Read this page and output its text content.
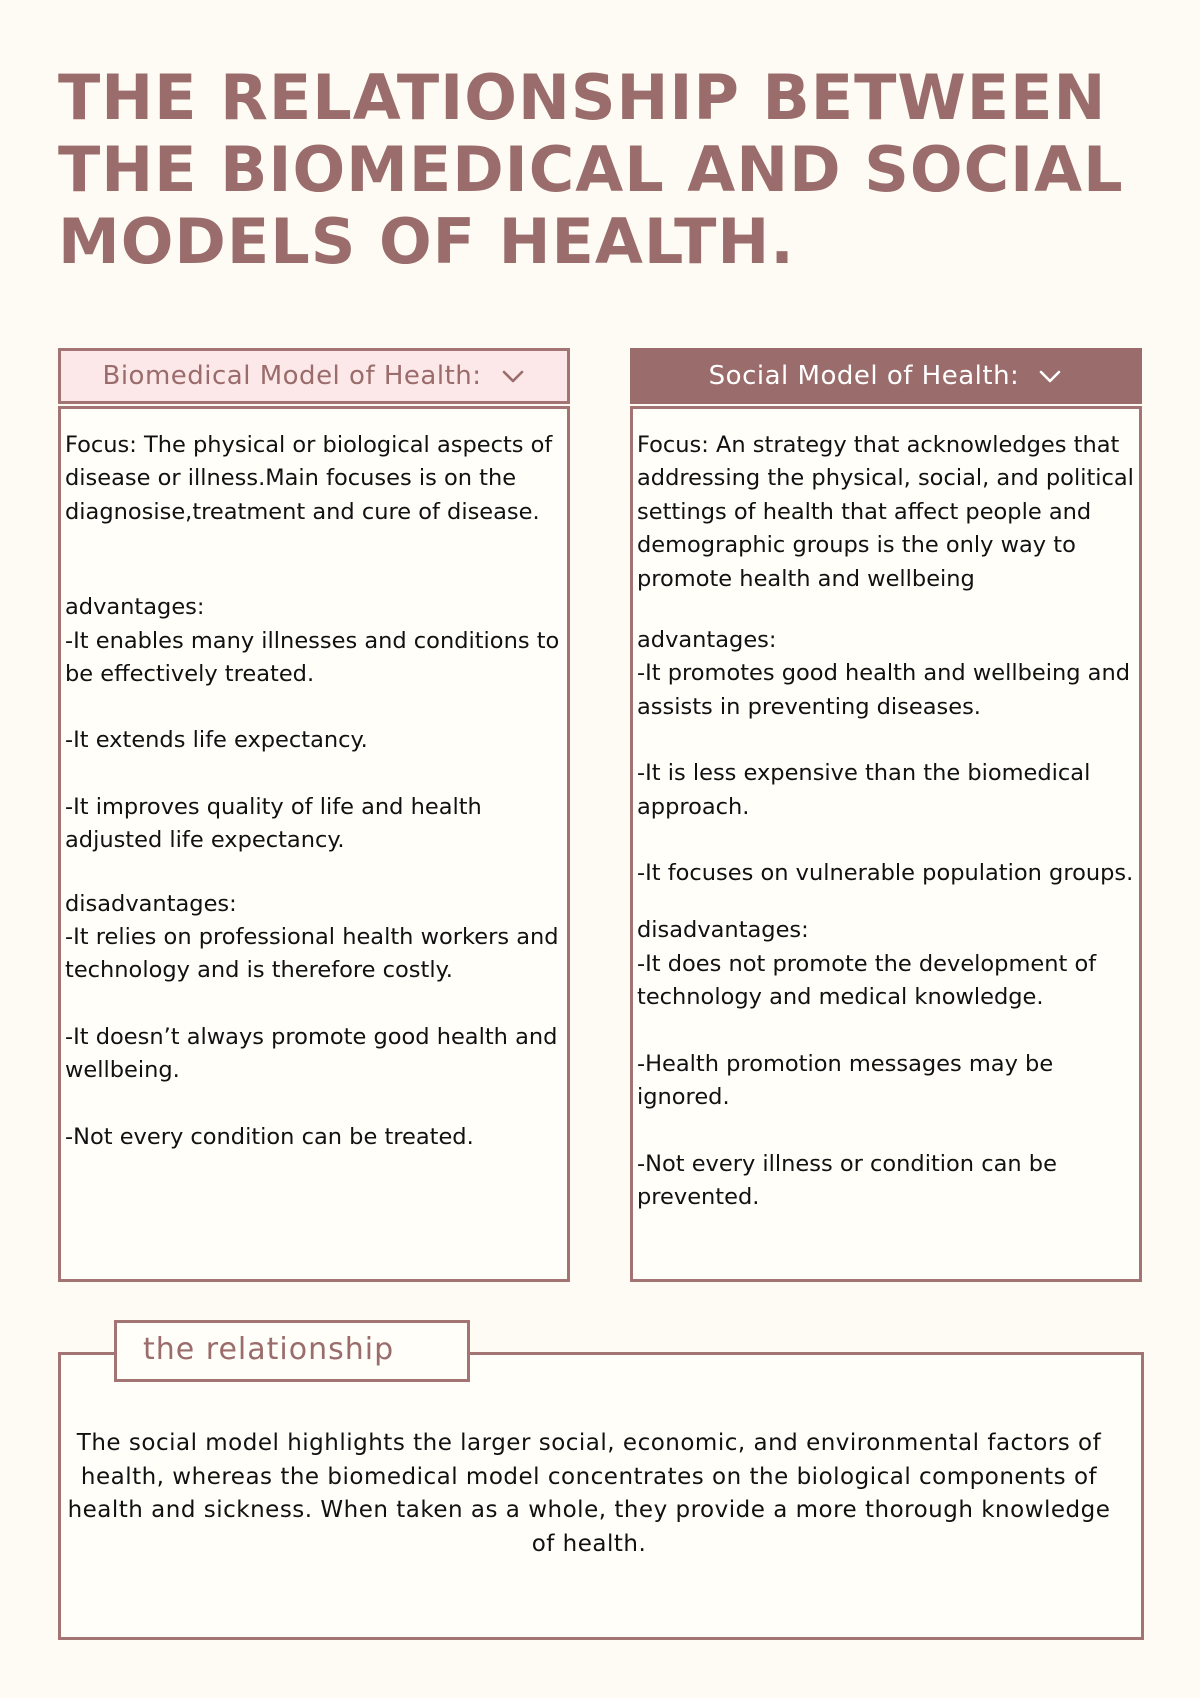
THE RELATIONSHIP BETWEEN
THE BIOMEDICAL AND SOCIAL
MODELS OF HEALTH.
Biomedical Model of Health:

Focus: The physical or biological aspects of disease or illness.Main focuses is on the diagnosise,treatment and cure of disease.

advantages:

-It enables many illnesses and conditions to be effectively treated.

-It extends life expectancy.

-It improves quality of life and health adjusted life expectancy.

disadvantages:

-It relies on professional health workers and technology and is therefore costly.

-It doesn’t always promote good health and wellbeing.

-Not every condition can be treated.

Social Model of Health:

Focus: An strategy that acknowledges that addressing the physical, social, and political settings of health that affect people and demographic groups is the only way to promote health and wellbeing

advantages:

-It promotes good health and wellbeing and assists in preventing diseases.

-It is less expensive than the biomedical approach.

-It focuses on vulnerable population groups.

disadvantages:

-It does not promote the development of technology and medical knowledge.

-Health promotion messages may be ignored.

-Not every illness or condition can be prevented.

the relationship
The social model highlights the larger social, economic, and environmental factors of health, whereas the biomedical model concentrates on the biological components of health and sickness. When taken as a whole, they provide a more thorough knowledge of health.
